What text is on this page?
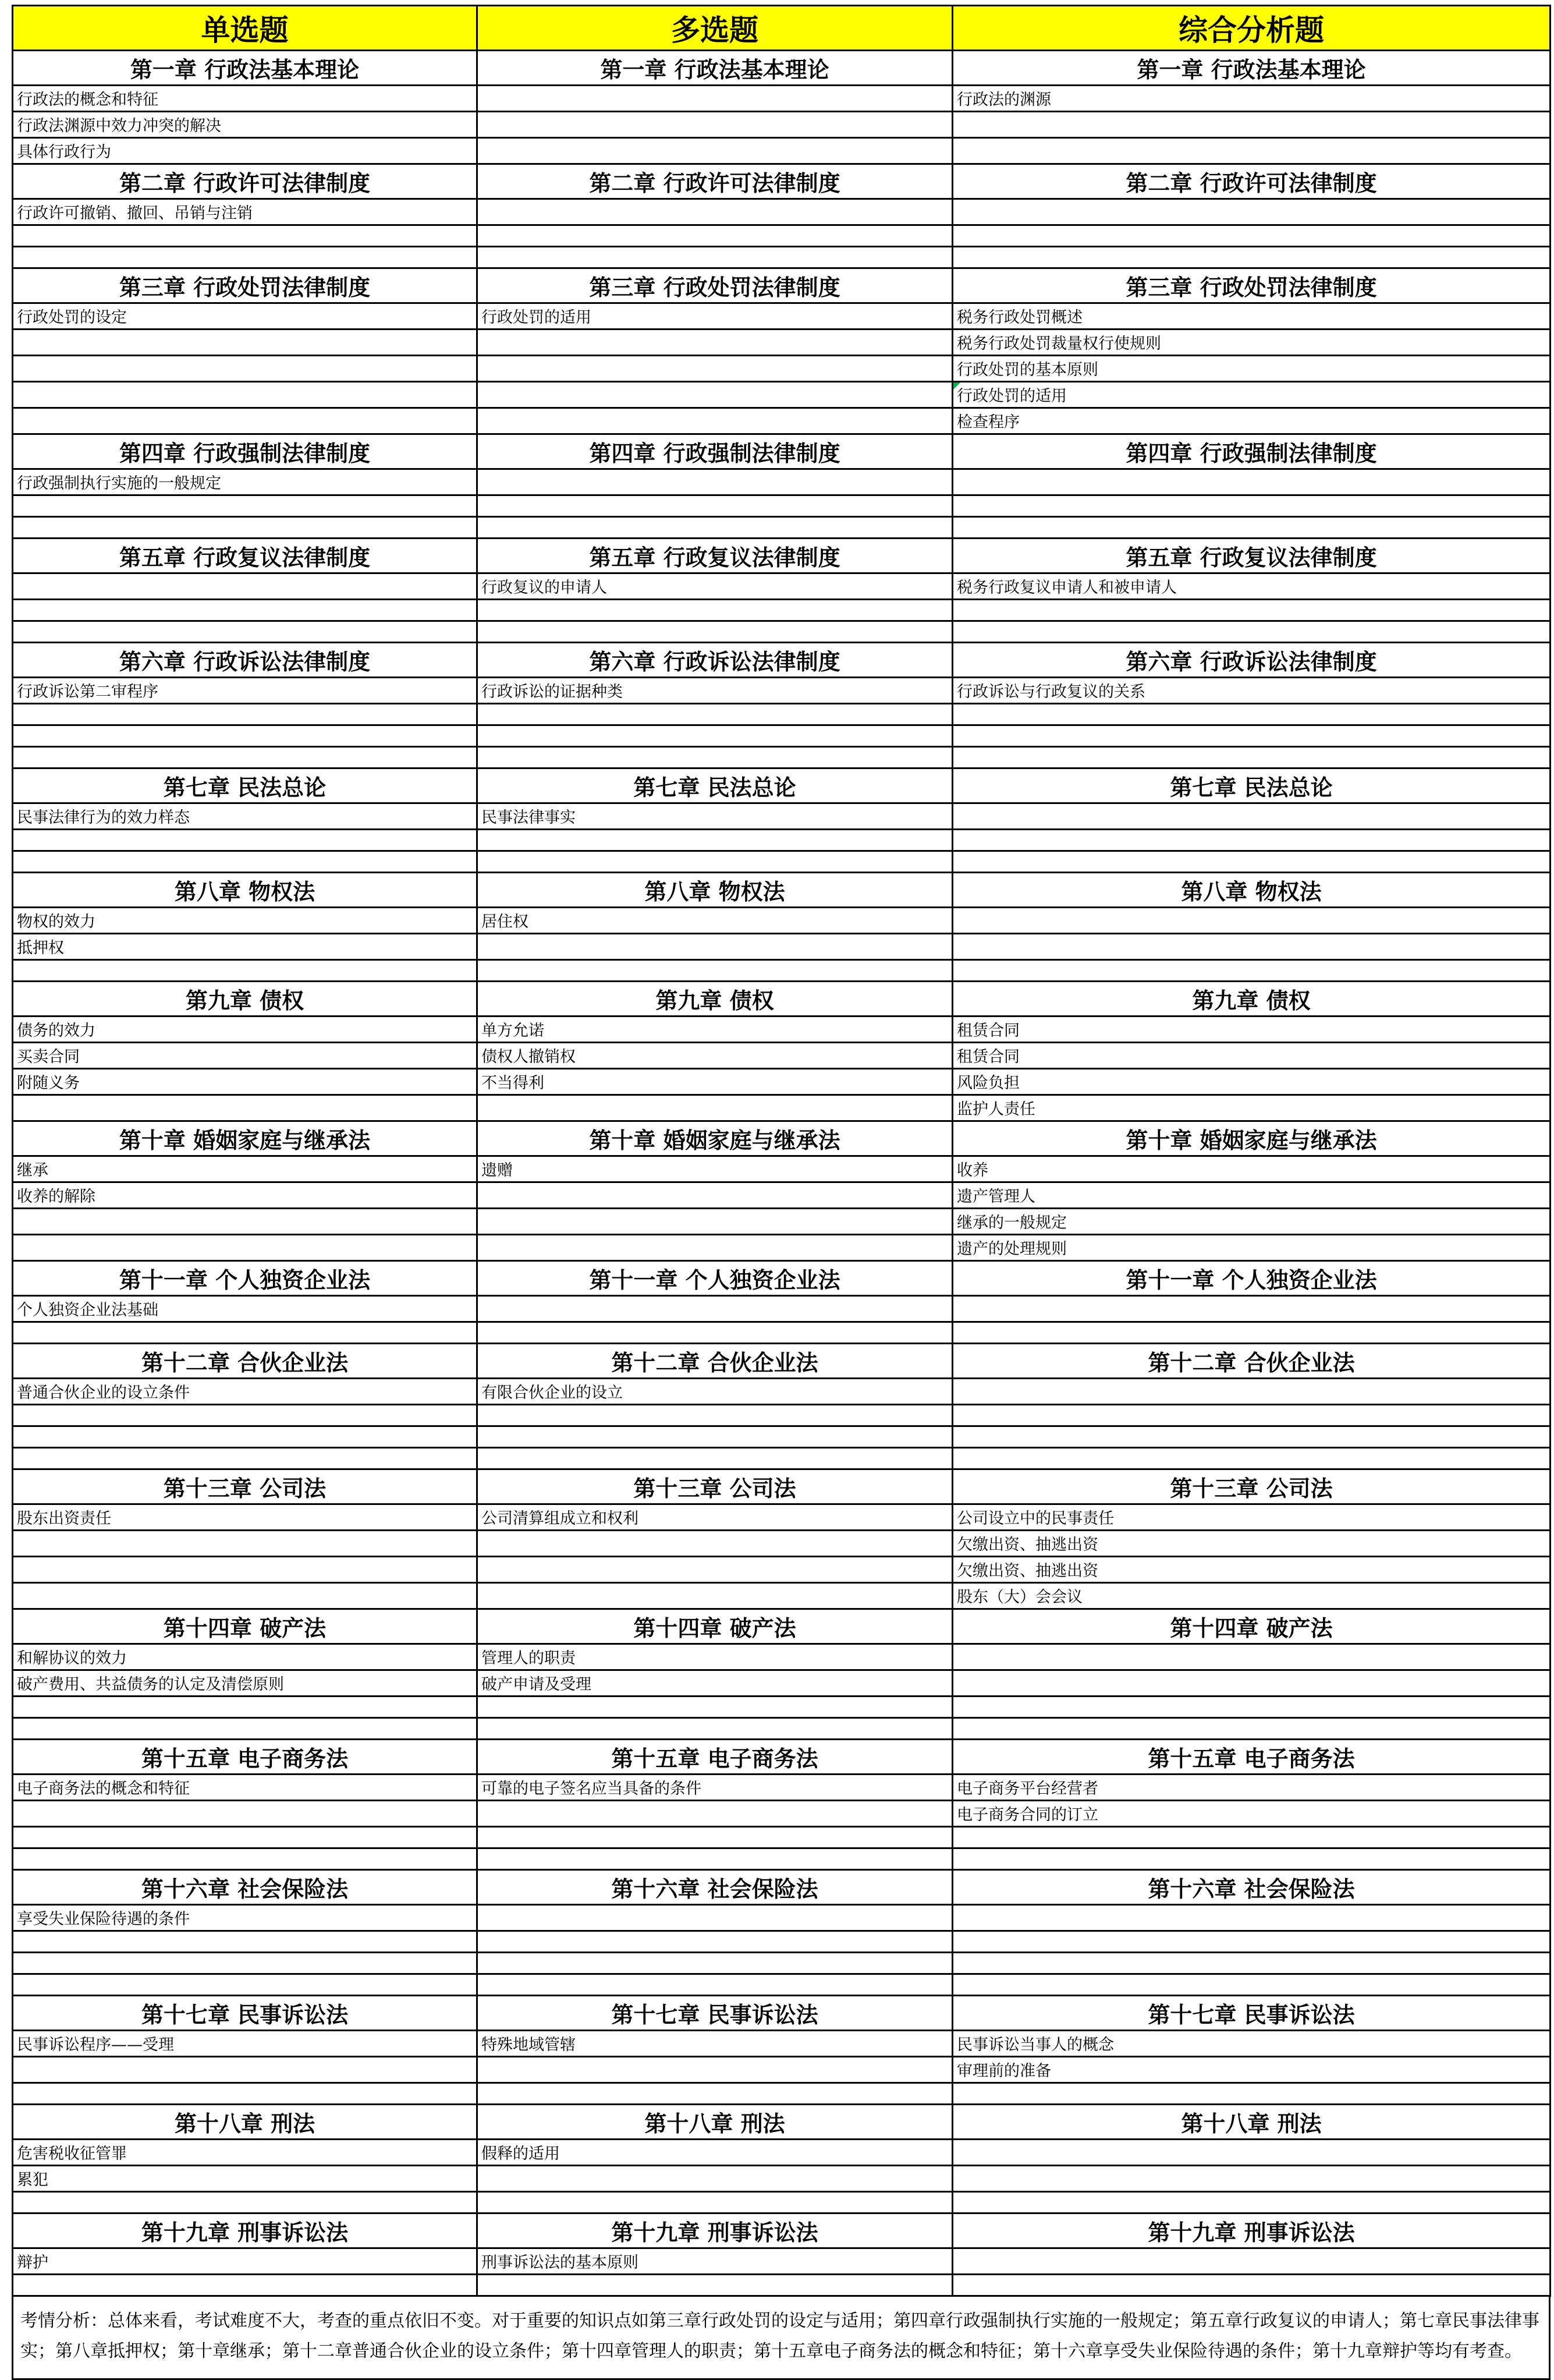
单选题	多选题	综合分析题
第一章 行政法基本理论	第一章 行政法基本理论	第一章 行政法基本理论
行政法的概念和特征		行政法的渊源
行政法渊源中效力冲突的解决		
具体行政行为		
第二章 行政许可法律制度	第二章 行政许可法律制度	第二章 行政许可法律制度
行政许可撤销、撤回、吊销与注销		

第三章 行政处罚法律制度	第三章 行政处罚法律制度	第三章 行政处罚法律制度
行政处罚的设定	行政处罚的适用	税务行政处罚概述
		税务行政处罚裁量权行使规则
		行政处罚的基本原则
		行政处罚的适用
		检查程序
第四章 行政强制法律制度	第四章 行政强制法律制度	第四章 行政强制法律制度
行政强制执行实施的一般规定		

第五章 行政复议法律制度	第五章 行政复议法律制度	第五章 行政复议法律制度
	行政复议的申请人	税务行政复议申请人和被申请人

第六章 行政诉讼法律制度	第六章 行政诉讼法律制度	第六章 行政诉讼法律制度
行政诉讼第二审程序	行政诉讼的证据种类	行政诉讼与行政复议的关系

第七章 民法总论	第七章 民法总论	第七章 民法总论
民事法律行为的效力样态	民事法律事实	

第八章 物权法	第八章 物权法	第八章 物权法
物权的效力	居住权	
抵押权		

第九章 债权	第九章 债权	第九章 债权
债务的效力	单方允诺	租赁合同
买卖合同	债权人撤销权	租赁合同
附随义务	不当得利	风险负担
		监护人责任
第十章 婚姻家庭与继承法	第十章 婚姻家庭与继承法	第十章 婚姻家庭与继承法
继承	遗赠	收养
收养的解除		遗产管理人
		继承的一般规定
		遗产的处理规则
第十一章 个人独资企业法	第十一章 个人独资企业法	第十一章 个人独资企业法
个人独资企业法基础		

第十二章 合伙企业法	第十二章 合伙企业法	第十二章 合伙企业法
普通合伙企业的设立条件	有限合伙企业的设立	

第十三章 公司法	第十三章 公司法	第十三章 公司法
股东出资责任	公司清算组成立和权利	公司设立中的民事责任
		欠缴出资、抽逃出资
		欠缴出资、抽逃出资
		股东（大）会会议
第十四章 破产法	第十四章 破产法	第十四章 破产法
和解协议的效力	管理人的职责	
破产费用、共益债务的认定及清偿原则	破产申请及受理	

第十五章 电子商务法	第十五章 电子商务法	第十五章 电子商务法
电子商务法的概念和特征	可靠的电子签名应当具备的条件	电子商务平台经营者
		电子商务合同的订立

第十六章 社会保险法	第十六章 社会保险法	第十六章 社会保险法
享受失业保险待遇的条件		

第十七章 民事诉讼法	第十七章 民事诉讼法	第十七章 民事诉讼法
民事诉讼程序——受理	特殊地域管辖	民事诉讼当事人的概念
		审理前的准备

第十八章 刑法	第十八章 刑法	第十八章 刑法
危害税收征管罪	假释的适用	
累犯		

第十九章 刑事诉讼法	第十九章 刑事诉讼法	第十九章 刑事诉讼法
辩护	刑事诉讼法的基本原则	

考情分析：总体来看，考试难度不大，考查的重点依旧不变。对于重要的知识点如第三章行政处罚的设定与适用；第四章行政强制执行实施的一般规定；第五章行政复议的申请人；第七章民事法律事实；第八章抵押权；第十章继承；第十二章普通合伙企业的设立条件；第十四章管理人的职责；第十五章电子商务法的概念和特征；第十六章享受失业保险待遇的条件；第十九章辩护等均有考查。
